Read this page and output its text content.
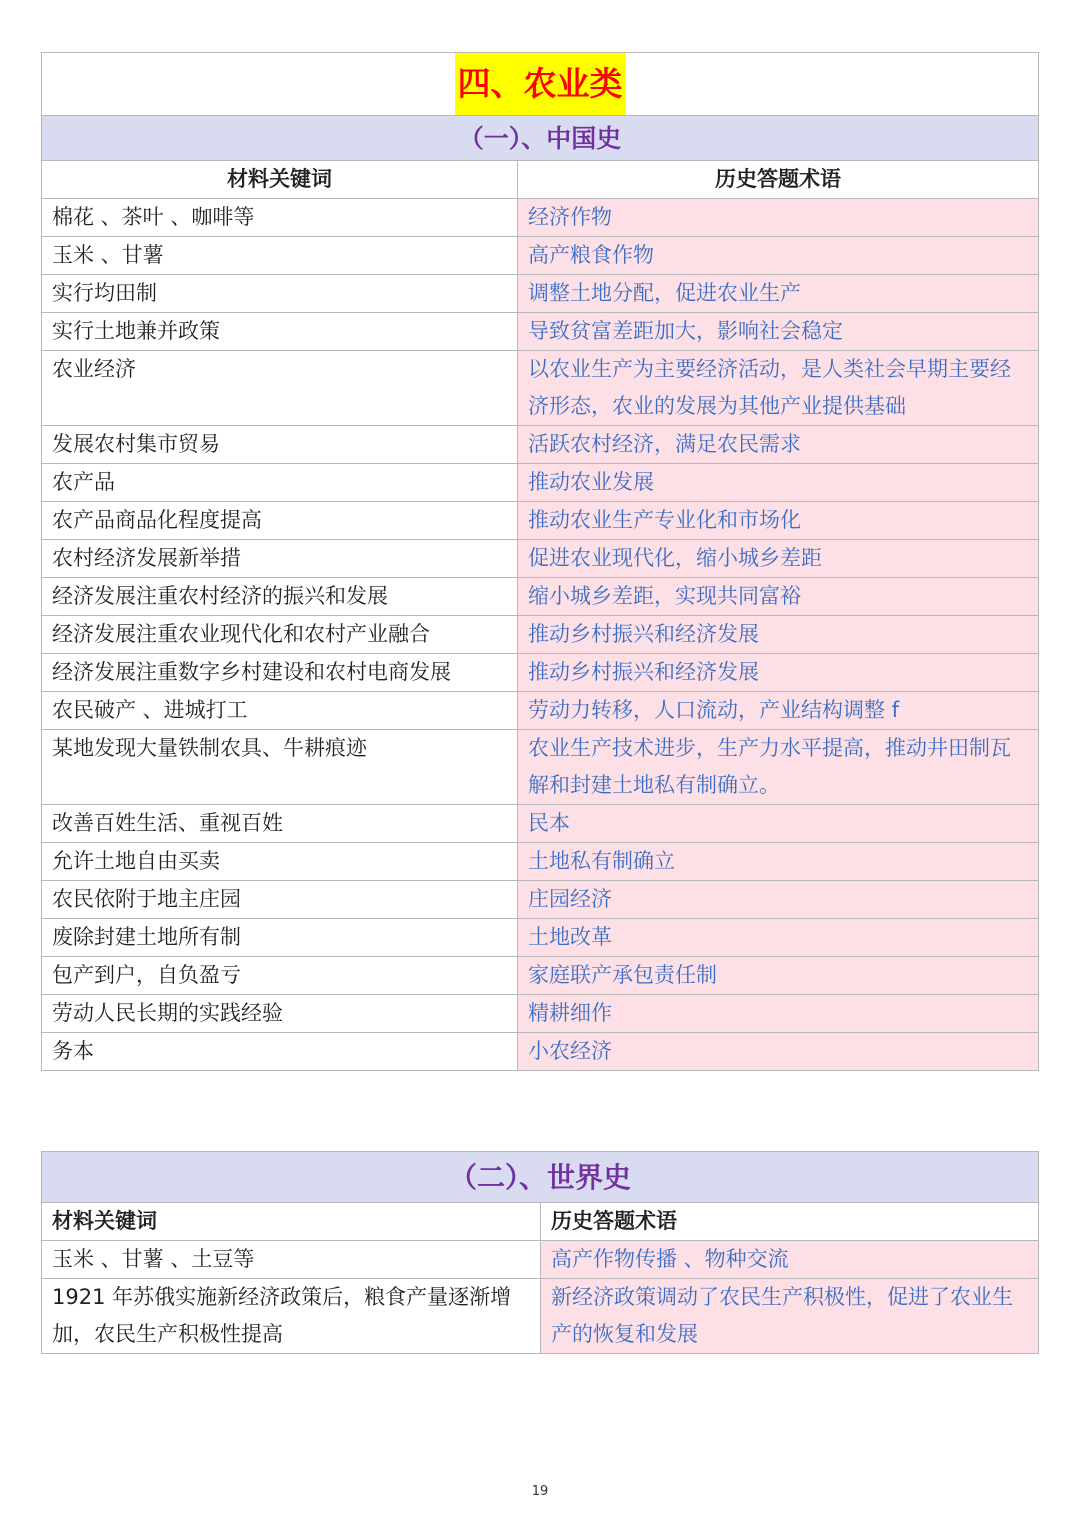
四、农业类	
（一）、中国史	
材料关键词	历史答题术语
棉花 、茶叶 、咖啡等	经济作物
玉米 、甘薯	高产粮食作物
实行均田制	调整土地分配，促进农业生产
实行土地兼并政策	导致贫富差距加大，影响社会稳定
农业经济	以农业生产为主要经济活动，是人类社会早期主要经济形态，农业的发展为其他产业提供基础
发展农村集市贸易	活跃农村经济，满足农民需求
农产品	推动农业发展
农产品商品化程度提高	推动农业生产专业化和市场化
农村经济发展新举措	促进农业现代化，缩小城乡差距
经济发展注重农村经济的振兴和发展	缩小城乡差距，实现共同富裕
经济发展注重农业现代化和农村产业融合	推动乡村振兴和经济发展
经济发展注重数字乡村建设和农村电商发展	推动乡村振兴和经济发展
农民破产 、进城打工	劳动力转移，人口流动，产业结构调整 f
某地发现大量铁制农具、牛耕痕迹	农业生产技术进步，生产力水平提高，推动井田制瓦解和封建土地私有制确立。
改善百姓生活、重视百姓	民本
允许土地自由买卖	土地私有制确立
农民依附于地主庄园	庄园经济
废除封建土地所有制	土地改革
包产到户，自负盈亏	家庭联产承包责任制
劳动人民长期的实践经验	精耕细作
务本	小农经济
（二）、世界史	
材料关键词	历史答题术语
玉米 、甘薯 、土豆等	高产作物传播 、物种交流
1921 年苏俄实施新经济政策后，粮食产量逐渐增加，农民生产积极性提高	新经济政策调动了农民生产积极性，促进了农业生产的恢复和发展
19
